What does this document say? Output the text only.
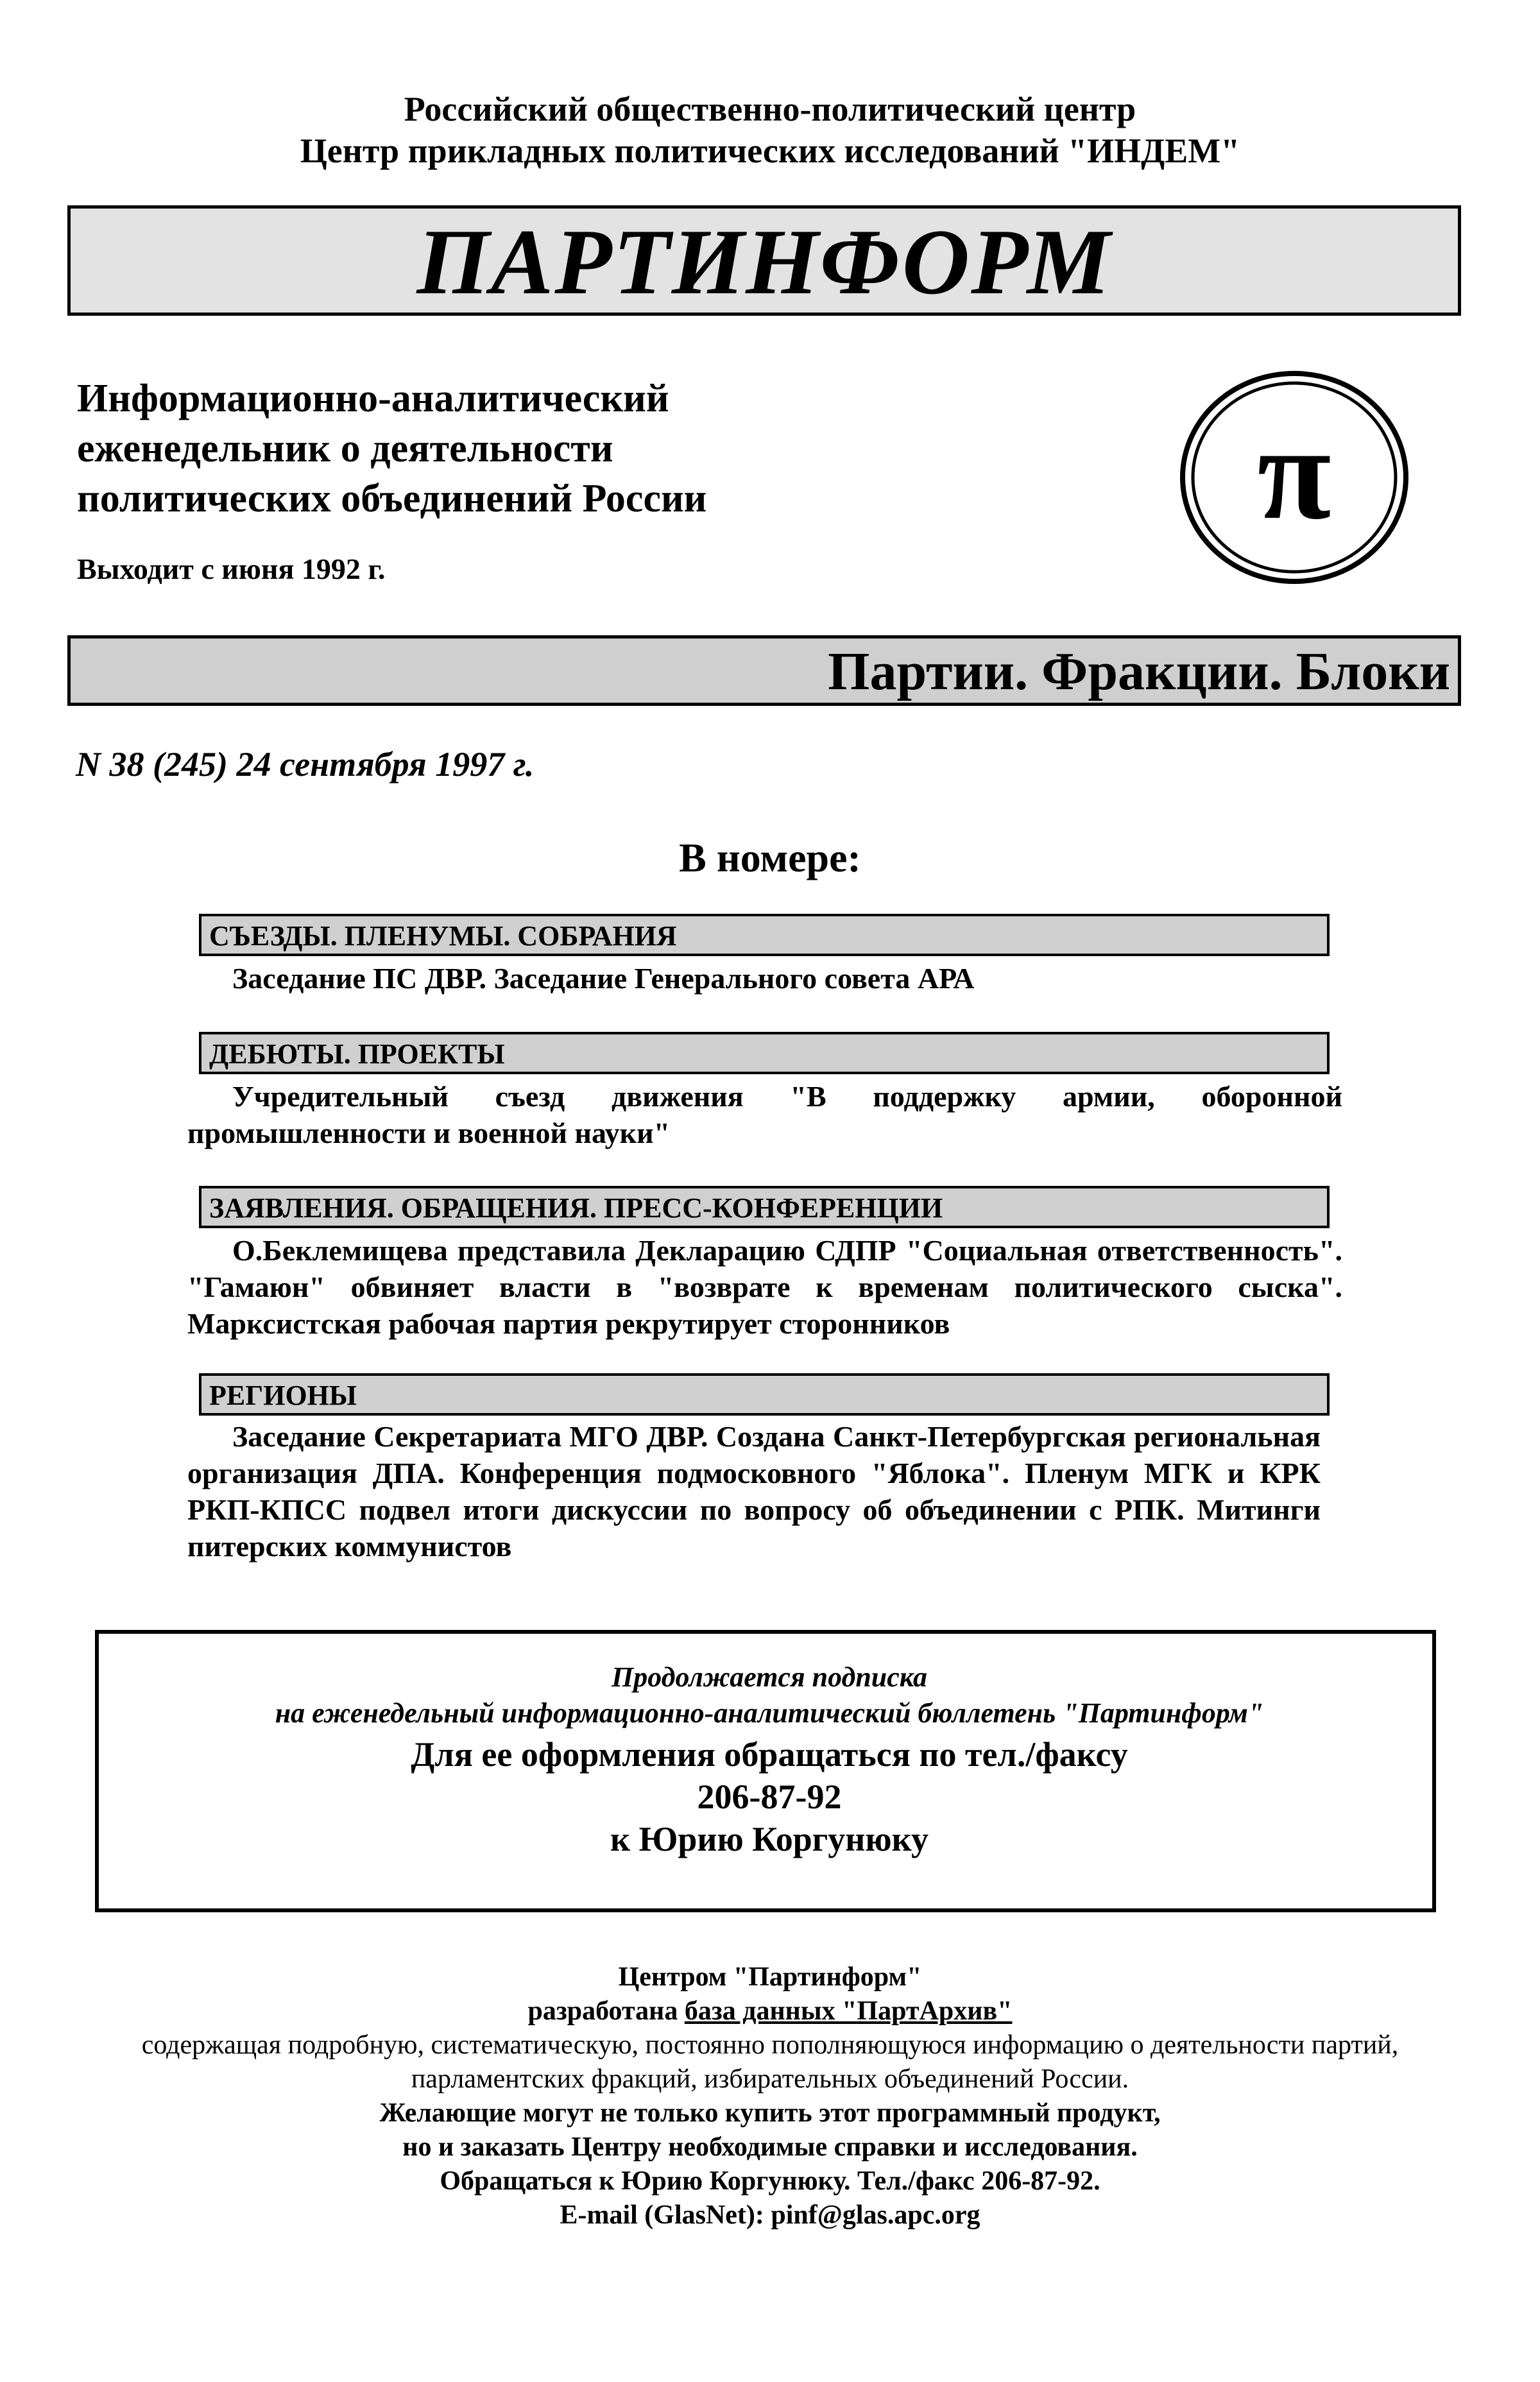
Российский общественно-политический центр
Центр прикладных политических исследований "ИНДЕМ"
ПАРТИНФОРМ
Информационно-аналитический
еженедельник о деятельности
политических объединений России
Выходит с июня 1992 г.
π
Партии. Фракции. Блоки
N 38 (245) 24 сентября 1997 г.
В номере:
СЪЕЗДЫ. ПЛЕНУМЫ. СОБРАНИЯ
Заседание ПС ДВР. Заседание Генерального совета АРА
ДЕБЮТЫ. ПРОЕКТЫ
Учредительный съезд движения "В поддержку армии, оборонной промышленности и военной науки"
ЗАЯВЛЕНИЯ. ОБРАЩЕНИЯ. ПРЕСС-КОНФЕРЕНЦИИ
О.Беклемищева представила Декларацию СДПР "Социальная ответственность". "Гамаюн" обвиняет власти в "возврате к временам политического сыска". Марксистская рабочая партия рекрутирует сторонников
РЕГИОНЫ
Заседание Секретариата МГО ДВР. Создана Санкт-Петербургская региональная организация ДПА. Конференция подмосковного "Яблока". Пленум МГК и КРК РКП-КПСС подвел итоги дискуссии по вопросу об объединении с РПК. Митинги питерских коммунистов
Продолжается подписка
на еженедельный информационно-аналитический бюллетень "Партинформ"
Для ее оформления обращаться по тел./факсу
206-87-92
к Юрию Коргунюку
Центром "Партинформ"
разработана база данных "ПартАрхив"
содержащая подробную, систематическую, постоянно пополняющуюся информацию о деятельности партий,
парламентских фракций, избирательных объединений России.
Желающие могут не только купить этот программный продукт,
но и заказать Центру необходимые справки и исследования.
Обращаться к Юрию Коргунюку. Тел./факс 206-87-92.
E-mail (GlasNet): pinf@glas.apc.org
